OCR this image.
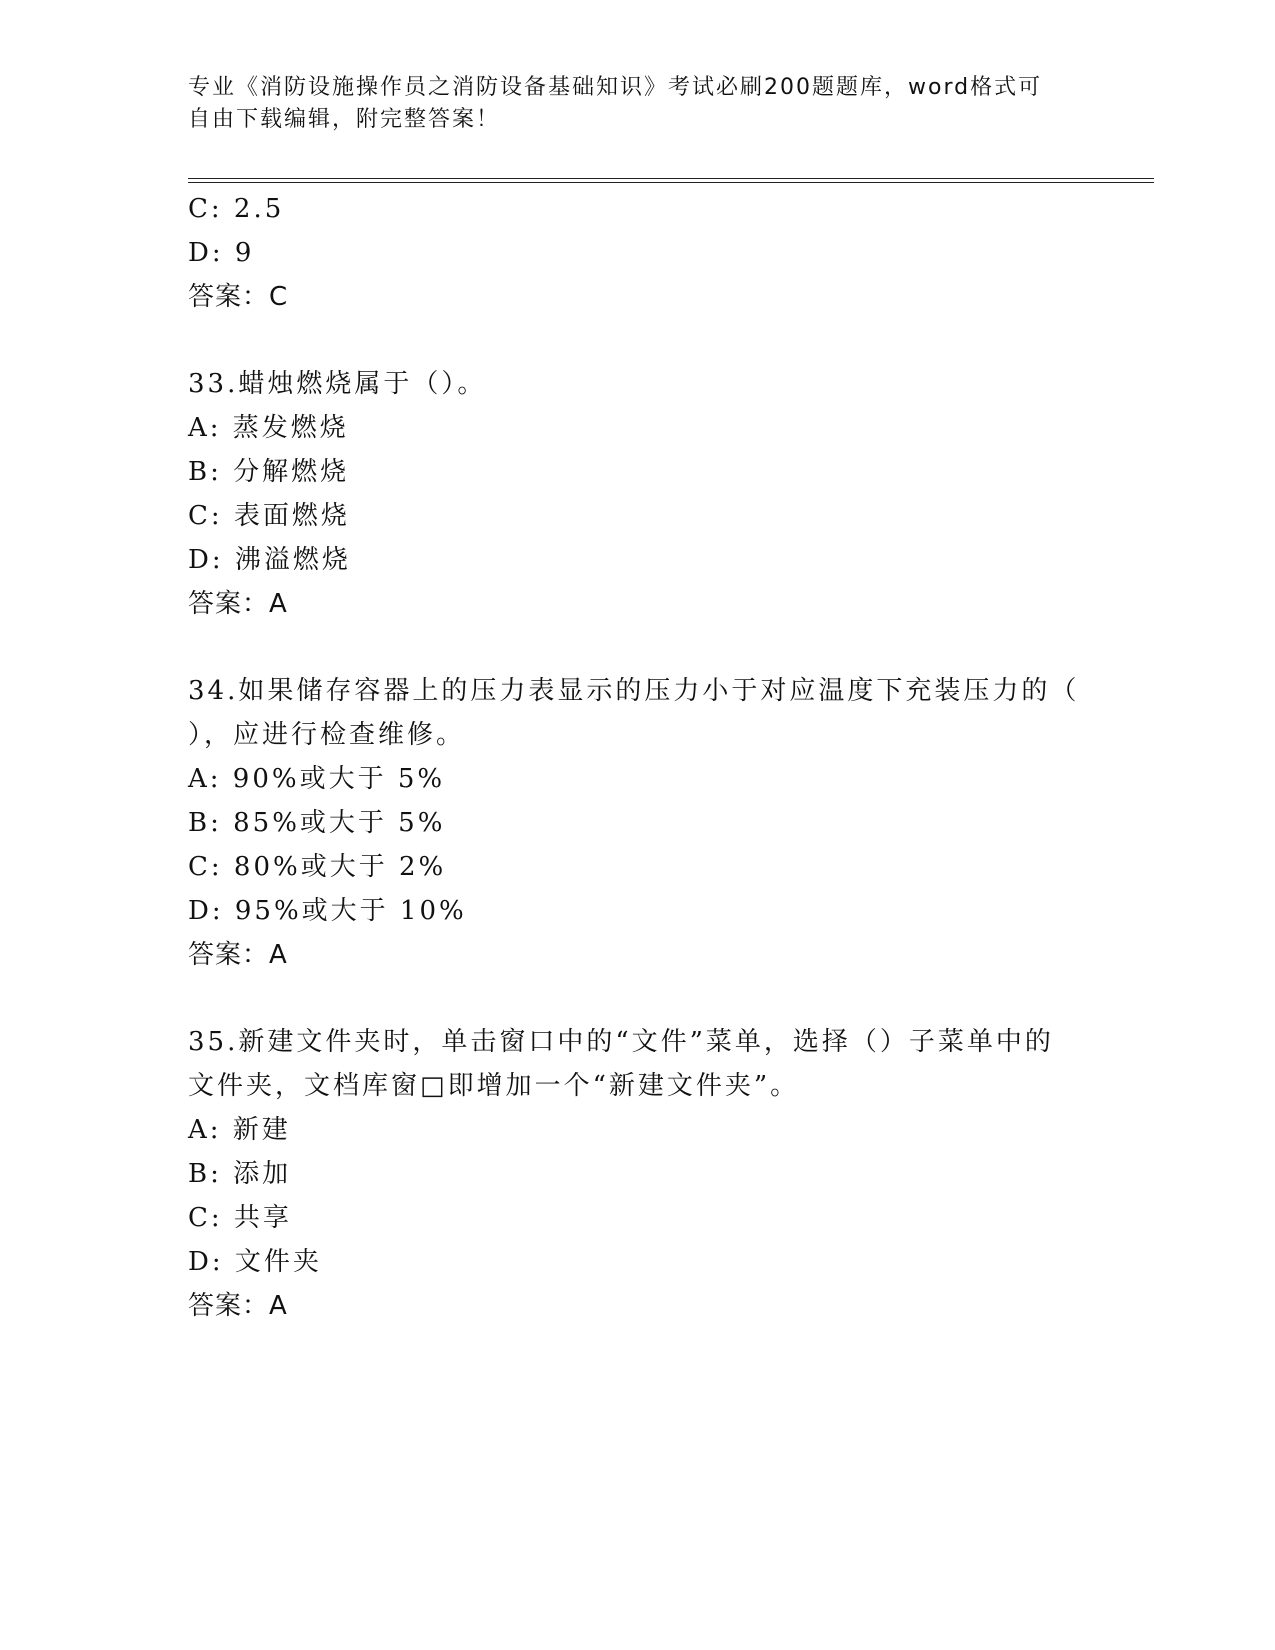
专业《消防设施操作员之消防设备基础知识》考试必刷200题题库，word格式可
自由下载编辑，附完整答案！
C: 2.5
D: 9
答案：C
33.蜡烛燃烧属于（）。
A: 蒸发燃烧
B: 分解燃烧
C: 表面燃烧
D: 沸溢燃烧
答案：A
34.如果储存容器上的压力表显示的压力小于对应温度下充装压力的（
），应进行检查维修。
A: 90%或大于 5%
B: 85%或大于 5%
C: 80%或大于 2%
D: 95%或大于 10%
答案：A
35.新建文件夹时，单击窗口中的“文件”菜单，选择（）子菜单中的
文件夹，文档库窗□即增加一个“新建文件夹”。
A: 新建
B: 添加
C: 共享
D: 文件夹
答案：A
